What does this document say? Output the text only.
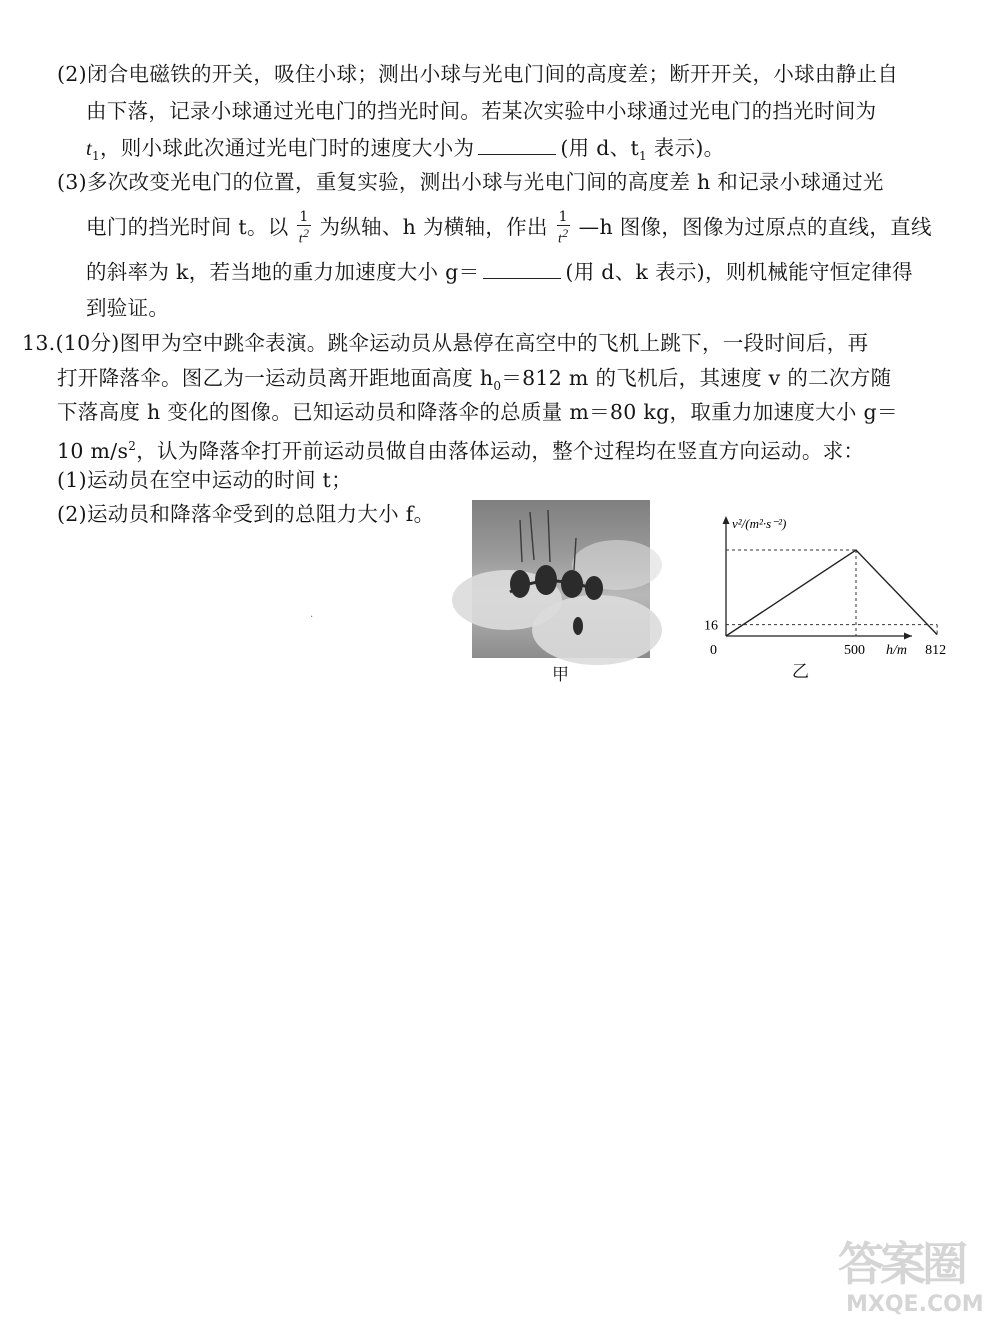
(2)闭合电磁铁的开关，吸住小球；测出小球与光电门间的高度差；断开开关，小球由静止自
由下落，记录小球通过光电门的挡光时间。若某次实验中小球通过光电门的挡光时间为
$t_1$，则小球此次通过光电门时的速度大小为	(用 d、$t_1$ 表示)。
(3)多次改变光电门的位置，重复实验，测出小球与光电门间的高度差 h 和记录小球通过光
电门的挡光时间 t。以 $\frac{1}{t^2}$ 为纵轴、h 为横轴，作出 $\frac{1}{t^2}$ —h 图像，图像为过原点的直线，直线
的斜率为 k，若当地的重力加速度大小 g＝	(用 d、k 表示)，则机械能守恒定律得
到验证。
13.(10分)图甲为空中跳伞表演。跳伞运动员从悬停在高空中的飞机上跳下，一段时间后，再
打开降落伞。图乙为一运动员离开距地面高度 $h_0=812$ m 的飞机后，其速度 v 的二次方随
下落高度 h 变化的图像。已知运动员和降落伞的总质量 m＝80 kg，取重力加速度大小 g＝
10 $m/s^2$，认为降落伞打开前运动员做自由落体运动，整个过程均在竖直方向运动。求：
(1)运动员在空中运动的时间 t；
(2)运动员和降落伞受到的总阻力大小 f。
甲
v²/(m²·s⁻²)
h/m
0
16
500	812
乙
·
答案圈
MXQE.COM
